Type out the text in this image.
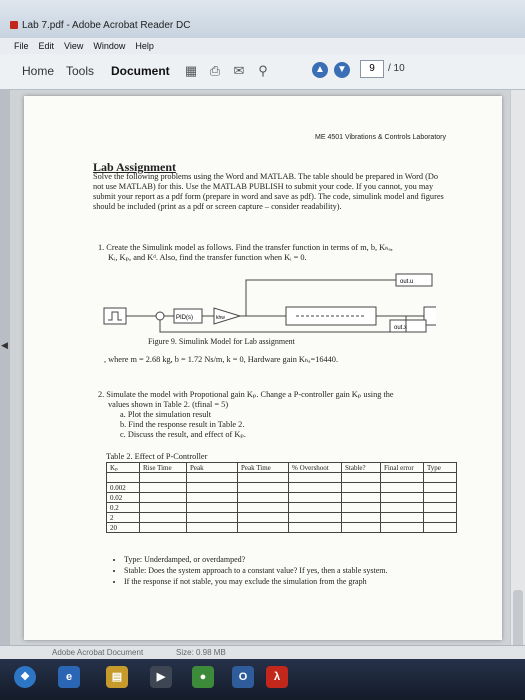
Lab 7.pdf - Adobe Acrobat Reader DC
File Edit View Window Help
Home Tools Document ▦ ⎙ ✉ ⚲	▲	▼	9	/ 10
◀
ME 4501 Vibrations & Controls Laboratory
Lab Assignment
Solve the following problems using the Word and MATLAB. The table should be prepared in Word (Do not use MATLAB) for this. Use the MATLAB PUBLISH to submit your code. If you cannot, you may submit your report as a pdf form (prepare in word and save as pdf). The code, simulink model and figures should be included (print as a pdf or screen capture – consider readability).
1. Create the Simulink model as follows. Find the transfer function in terms of m, b, Kₕₐ,
Kᵢ, Kₚ, and Kᵈ. Also, find the transfer function when Kᵢ = 0.
PID(s)	khw
out.x
out.u
Figure 9. Simulink Model for Lab assignment
, where m = 2.68 kg, b = 1.72 Ns/m, k = 0, Hardware gain Kₕₐ=16440.
2. Simulate the model with Propotional gain Kₚ. Change a P-controller gain Kₚ using the
values shown in Table 2. (tfinal = 5)
a. Plot the simulation result
b. Find the response result in Table 2.
c. Discuss the result, and effect of Kₚ.
Table 2. Effect of P-Controller
Kₚ	Rise Time	Peak	Peak Time	% Overshoot	Stable?	Final error	Type

0.002							
0.02							
0.2							
2							
20							
• Type: Underdamped, or overdamped?
• Stable: Does the system approach to a constant value? If yes, then a stable system.
• If the response if not stable, you may exclude the simulation from the graph
Adobe Acrobat Document	Size: 0.98 MB
❖	e	▤	▶	●	O	λ
